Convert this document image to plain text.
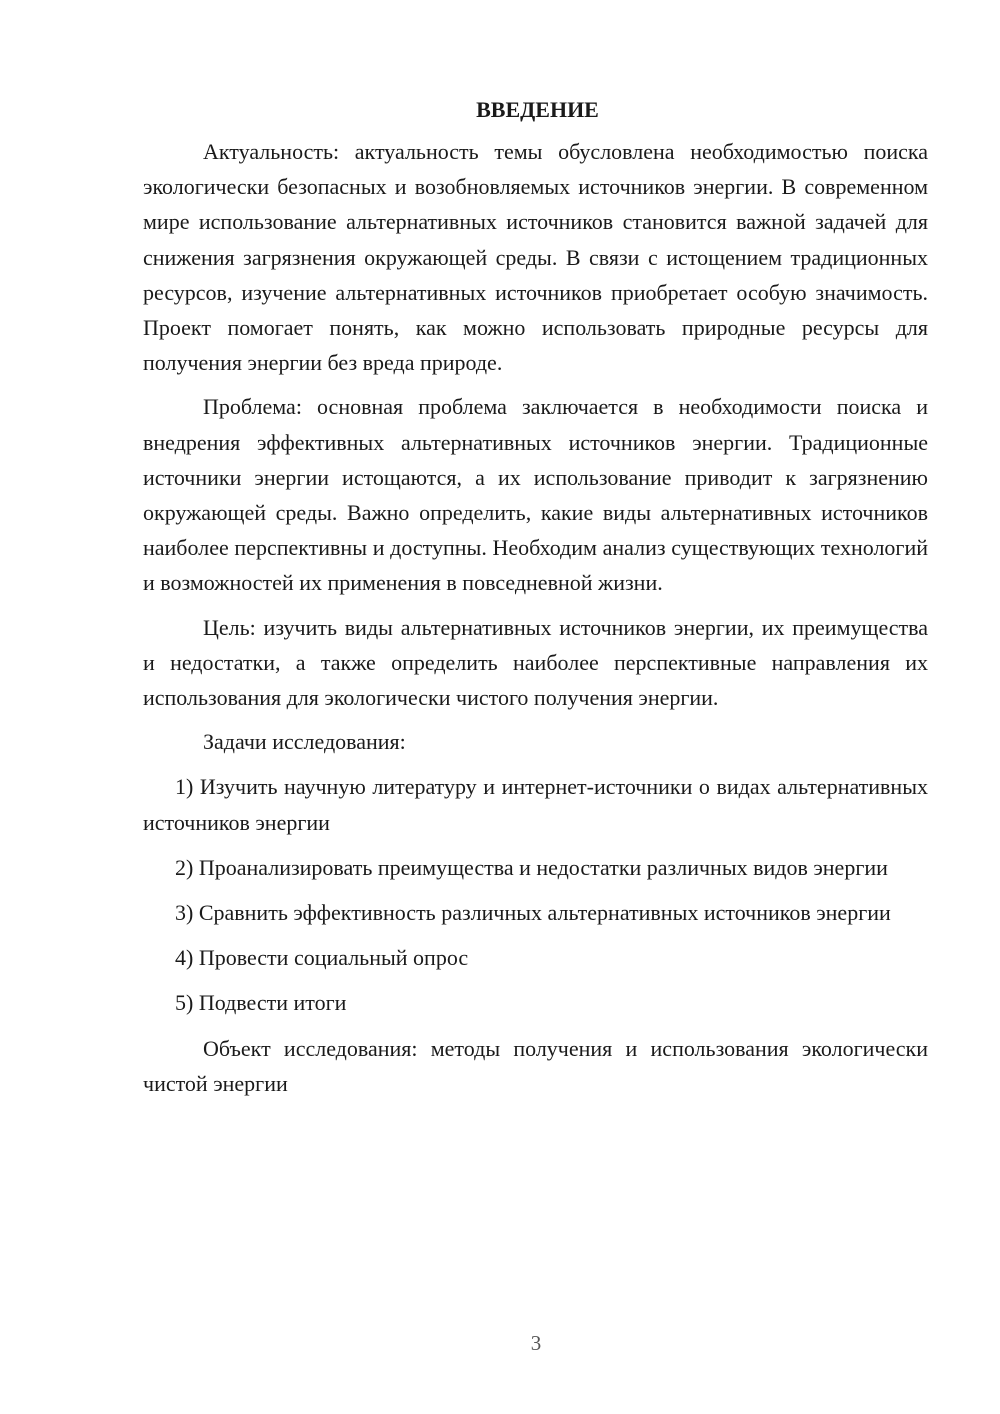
ВВЕДЕНИЕ

Актуальность: актуальность темы обусловлена необходимостью поиска экологически безопасных и возобновляемых источников энергии. В современном мире использование альтернативных источников становится важной задачей для снижения загрязнения окружающей среды. В связи с истощением традиционных ресурсов, изучение альтернативных источников приобретает особую значимость. Проект помогает понять, как можно использовать природные ресурсы для получения энергии без вреда природе.

Проблема: основная проблема заключается в необходимости поиска и внедрения эффективных альтернативных источников энергии. Традиционные источники энергии истощаются, а их использование приводит к загрязнению окружающей среды. Важно определить, какие виды альтернативных источников наиболее перспективны и доступны. Необходим анализ существующих технологий и возможностей их применения в повседневной жизни.

Цель: изучить виды альтернативных источников энергии, их преимущества и недостатки, а также определить наиболее перспективные направления их использования для экологически чистого получения энергии.

Задачи исследования:

1) Изучить научную литературу и интернет-источники о видах альтернативных источников энергии

2) Проанализировать преимущества и недостатки различных видов энергии

3) Сравнить эффективность различных альтернативных источников энергии

4) Провести социальный опрос

5) Подвести итоги

Объект исследования: методы получения и использования экологически чистой энергии

3
